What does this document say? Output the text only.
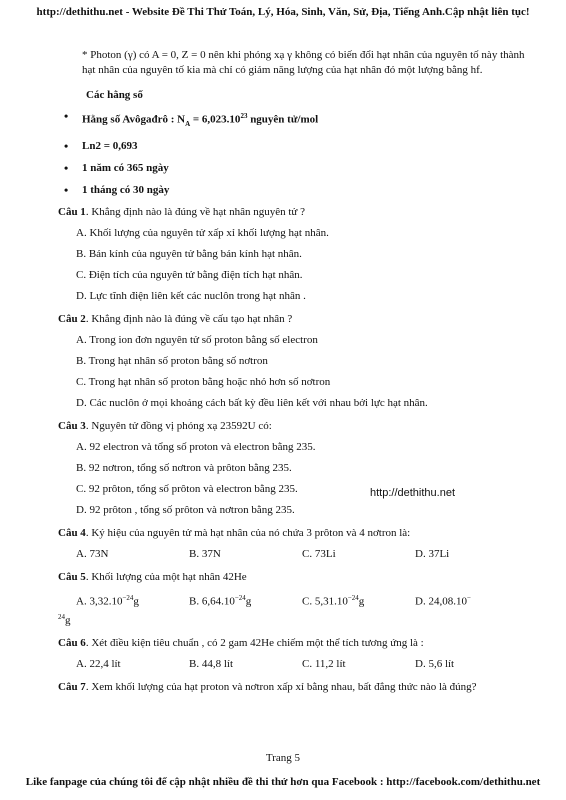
http://dethithu.net - Website Đề Thi Thử Toán, Lý, Hóa, Sinh, Văn, Sử, Địa, Tiếng Anh.Cập nhật liên tục!

* Photon (γ) có A = 0, Z = 0 nên khi phóng xạ γ không có biến đổi hạt nhân của nguyên tố này thành hạt nhân của nguyên tố kia mà chỉ có giảm năng lượng của hạt nhân đó một lượng bằng hf.

Các hằng số
• Hằng số Avôgađrô : $N_A = 6,023.10^{23}$ nguyên tử/mol
• Ln2 = 0,693
• 1 năm có 365 ngày
• 1 tháng có 30 ngày
Câu 1. Khẳng định nào là đúng về hạt nhân nguyên tử ?
A. Khối lượng của nguyên tử xấp xỉ khối lượng hạt nhân.
B. Bán kính của nguyên tử bằng bán kính hạt nhân.
C. Điện tích của nguyên tử bằng điện tích hạt nhân.
D. Lực tĩnh điện liên kết các nuclôn trong hạt nhân .
Câu 2. Khẳng định nào là đúng về cấu tạo hạt nhân ?
A. Trong ion đơn nguyên tử số proton bằng số electron
B. Trong hạt nhân số proton bằng số nơtron
C. Trong hạt nhân số proton bằng hoặc nhỏ hơn số nơtron
D. Các nuclôn ở mọi khoảng cách bất kỳ đều liên kết với nhau bởi lực hạt nhân.
Câu 3. Nguyên tử đồng vị phóng xạ 23592U có:
A. 92 electron và tổng số proton và electron bằng 235.
B. 92 nơtron, tổng số nơtron và prôton bằng 235.
C. 92 prôton, tổng số prôton và electron bằng 235.
D. 92 prôton , tổng số prôton và nơtron bằng 235.
Câu 4. Ký hiệu của nguyên tử mà hạt nhân của nó chứa 3 prôton và 4 nơtron là:
A. 73N	B. 37N	C. 73Li	D. 37Li
Câu 5. Khối lượng của một hạt nhân 42He
A. $3,32.10^{-24}g$	B. $6,64.10^{-24}g$	C. $5,31.10^{-24}g$	D. 24,08.10−
$^{24}$g
Câu 6. Xét điều kiện tiêu chuẩn , có 2 gam 42He chiếm một thể tích tương ứng là :
A. 22,4 lít	B. 44,8 lít	C. 11,2 lít	D. 5,6 lít
Câu 7. Xem khối lượng của hạt proton và nơtron xấp xỉ bằng nhau, bất đẳng thức nào là đúng?
http://dethithu.net
Trang 5
Like fanpage của chúng tôi để cập nhật nhiều đề thi thử hơn qua Facebook : http://facebook.com/dethithu.net
